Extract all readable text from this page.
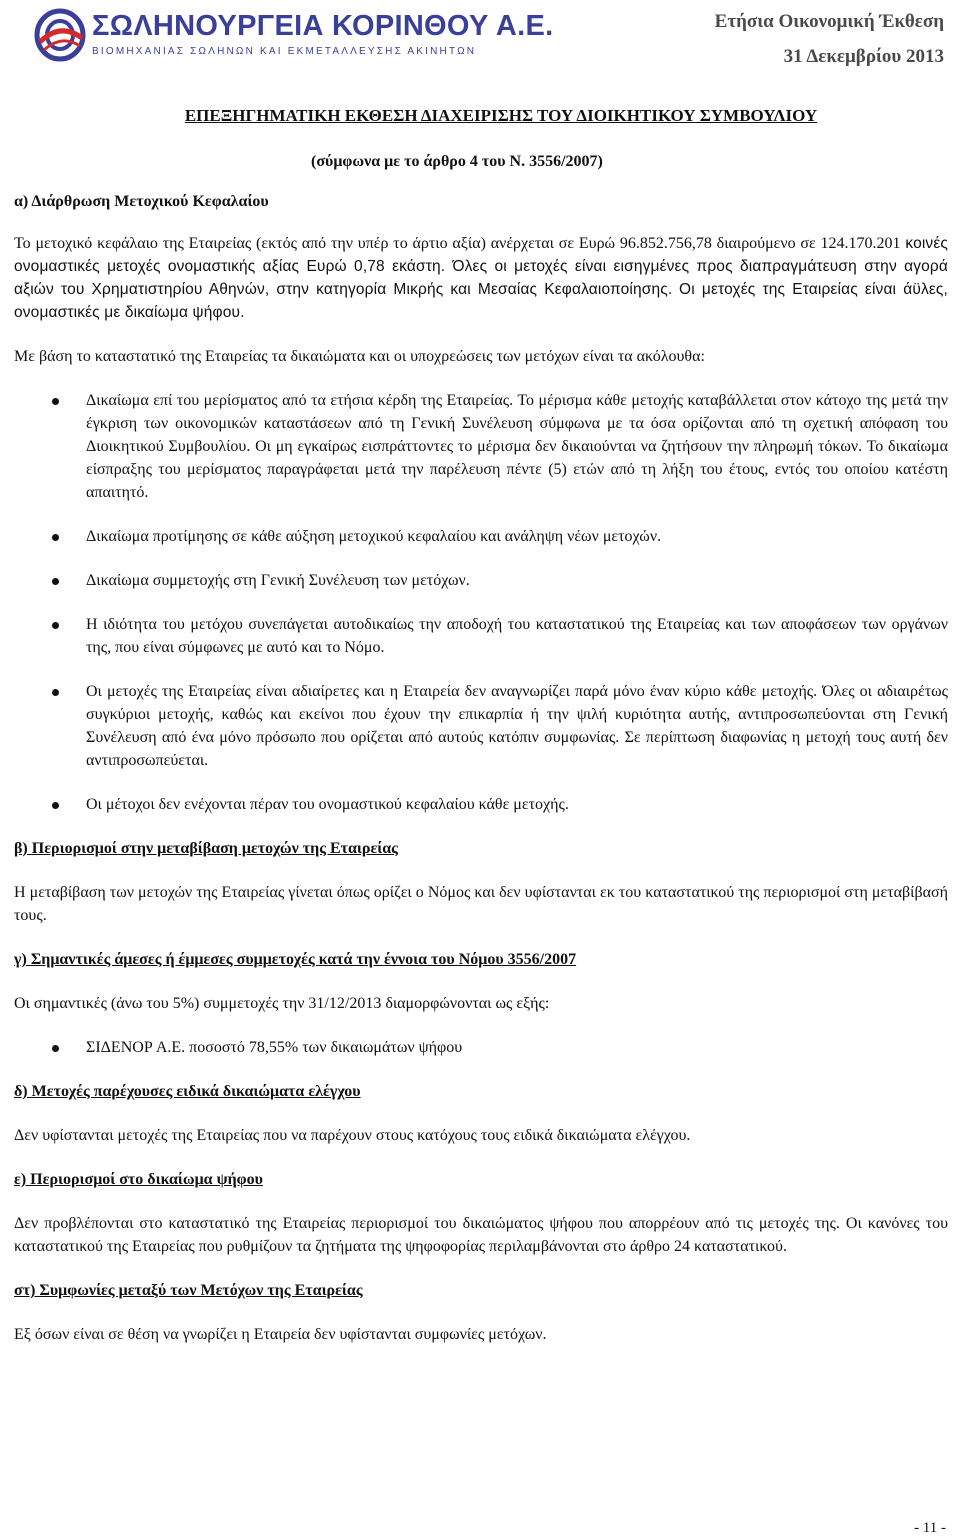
ΣΩΛΗΝΟΥΡΓΕΙΑ ΚΟΡΙΝΘΟΥ Α.Ε.
ΒΙΟΜΗΧΑΝΙΑΣ ΣΩΛΗΝΩΝ ΚΑΙ ΕΚΜΕΤΑΛΛΕΥΣΗΣ ΑΚΙΝΗΤΩΝ
Ετήσια Οικονομική Έκθεση
31 Δεκεμβρίου 2013
ΕΠΕΞΗΓΗΜΑΤΙΚΗ ΕΚΘΕΣΗ ΔΙΑΧΕΙΡΙΣΗΣ ΤΟΥ ΔΙΟΙΚΗΤΙΚΟΥ ΣΥΜΒΟΥΛΙΟΥ
(σύμφωνα με το άρθρο 4 του Ν. 3556/2007)
α) Διάρθρωση Μετοχικού Κεφαλαίου

Το μετοχικό κεφάλαιο της Εταιρείας (εκτός από την υπέρ το άρτιο αξία) ανέρχεται σε Ευρώ 96.852.756,78 διαιρούμενο σε 124.170.201 κοινές ονομαστικές μετοχές ονομαστικής αξίας Ευρώ 0,78 εκάστη. Όλες οι μετοχές είναι εισηγμένες προς διαπραγμάτευση στην αγορά αξιών του Χρηματιστηρίου Αθηνών, στην κατηγορία Μικρής και Μεσαίας Κεφαλαιοποίησης. Οι μετοχές της Εταιρείας είναι άϋλες, ονομαστικές με δικαίωμα ψήφου.

Με βάση το καταστατικό της Εταιρείας τα δικαιώματα και οι υποχρεώσεις των μετόχων είναι τα ακόλουθα:

Δικαίωμα επί του μερίσματος από τα ετήσια κέρδη της Εταιρείας. Το μέρισμα κάθε μετοχής καταβάλλεται στον κάτοχο της μετά την έγκριση των οικονομικών καταστάσεων από τη Γενική Συνέλευση σύμφωνα με τα όσα ορίζονται από τη σχετική απόφαση του Διοικητικού Συμβουλίου. Οι μη εγκαίρως εισπράττοντες το μέρισμα δεν δικαιούνται να ζητήσουν την πληρωμή τόκων. Το δικαίωμα είσπραξης του μερίσματος παραγράφεται μετά την παρέλευση πέντε (5) ετών από τη λήξη του έτους, εντός του οποίου κατέστη απαιτητό.
Δικαίωμα προτίμησης σε κάθε αύξηση μετοχικού κεφαλαίου και ανάληψη νέων μετοχών.
Δικαίωμα συμμετοχής στη Γενική Συνέλευση των μετόχων.
Η ιδιότητα του μετόχου συνεπάγεται αυτοδικαίως την αποδοχή του καταστατικού της Εταιρείας και των αποφάσεων των οργάνων της, που είναι σύμφωνες με αυτό και το Νόμο.
Οι μετοχές της Εταιρείας είναι αδιαίρετες και η Εταιρεία δεν αναγνωρίζει παρά μόνο έναν κύριο κάθε μετοχής. Όλες οι αδιαιρέτως συγκύριοι μετοχής, καθώς και εκείνοι που έχουν την επικαρπία ή την ψιλή κυριότητα αυτής, αντιπροσωπεύονται στη Γενική Συνέλευση από ένα μόνο πρόσωπο που ορίζεται από αυτούς κατόπιν συμφωνίας. Σε περίπτωση διαφωνίας η μετοχή τους αυτή δεν αντιπροσωπεύεται.
Οι μέτοχοι δεν ενέχονται πέραν του ονομαστικού κεφαλαίου κάθε μετοχής.

β) Περιορισμοί στην μεταβίβαση μετοχών της Εταιρείας

Η μεταβίβαση των μετοχών της Εταιρείας γίνεται όπως ορίζει ο Νόμος και δεν υφίστανται εκ του καταστατικού της περιορισμοί στη μεταβίβασή τους.

γ) Σημαντικές άμεσες ή έμμεσες συμμετοχές κατά την έννοια του Νόμου 3556/2007

Οι σημαντικές (άνω του 5%) συμμετοχές την 31/12/2013 διαμορφώνονται ως εξής:

ΣΙΔΕΝΟΡ Α.Ε. ποσοστό 78,55% των δικαιωμάτων ψήφου

δ) Μετοχές παρέχουσες ειδικά δικαιώματα ελέγχου

Δεν υφίστανται μετοχές της Εταιρείας που να παρέχουν στους κατόχους τους ειδικά δικαιώματα ελέγχου.

ε) Περιορισμοί στο δικαίωμα ψήφου

Δεν προβλέπονται στο καταστατικό της Εταιρείας περιορισμοί του δικαιώματος ψήφου που απορρέουν από τις μετοχές της. Οι κανόνες του καταστατικού της Εταιρείας που ρυθμίζουν τα ζητήματα της ψηφοφορίας περιλαμβάνονται στο άρθρο 24 καταστατικού.

στ) Συμφωνίες μεταξύ των Μετόχων της Εταιρείας

Εξ όσων είναι σε θέση να γνωρίζει η Εταιρεία δεν υφίστανται συμφωνίες μετόχων.

- 11 -
